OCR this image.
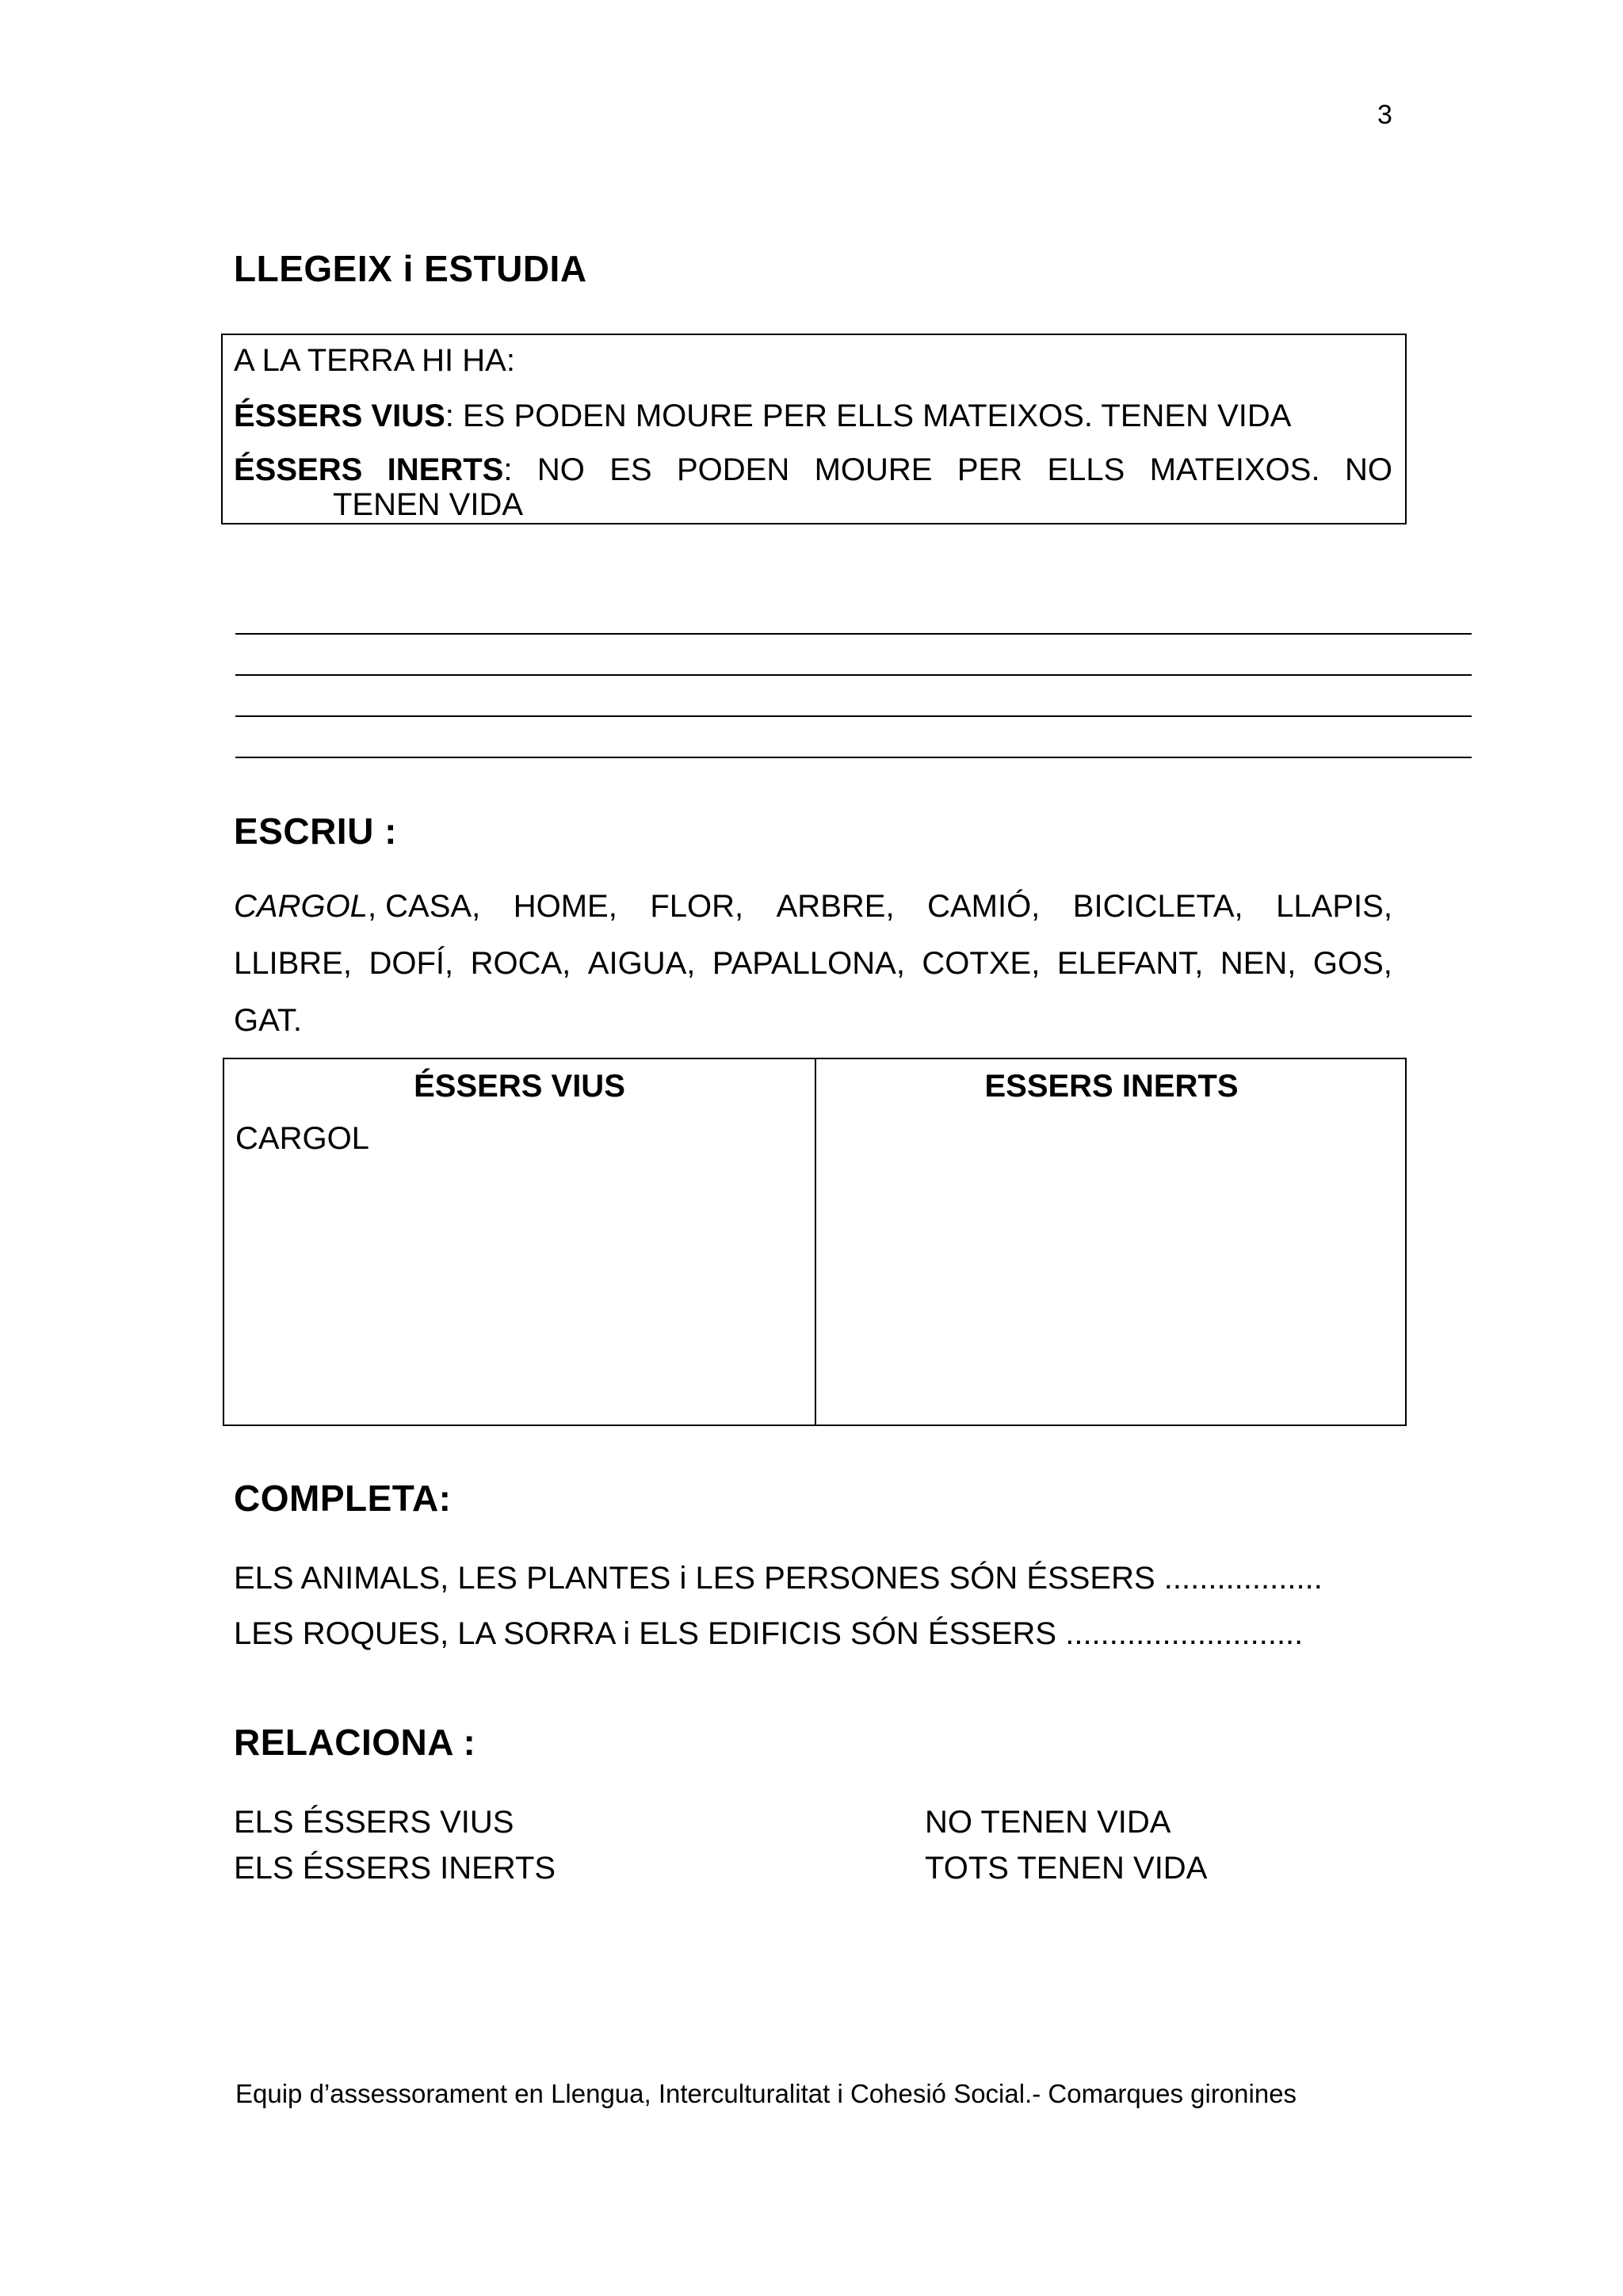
3
LLEGEIX i ESTUDIA
A LA TERRA HI HA:
ÉSSERS VIUS: ES PODEN MOURE PER ELLS MATEIXOS. TENEN VIDA
ÉSSERS INERTS : NO ES PODEN MOURE PER ELLS MATEIXOS. NO
TENEN VIDA
ESCRIU :
CARGOL, CASA, HOME, FLOR, ARBRE, CAMIÓ, BICICLETA, LLAPIS,
LLIBRE, DOFÍ, ROCA, AIGUA, PAPALLONA, COTXE, ELEFANT, NEN, GOS,
GAT.
ÉSSERS VIUS	ESSERS INERTS
CARGOL
COMPLETA:
ELS ANIMALS, LES PLANTES i LES PERSONES SÓN ÉSSERS ..................
LES ROQUES, LA SORRA i ELS EDIFICIS SÓN ÉSSERS ...........................
RELACIONA :
ELS ÉSSERS VIUS
ELS ÉSSERS INERTS
NO TENEN VIDA
TOTS TENEN VIDA
Equip d’assessorament en Llengua, Interculturalitat i Cohesió Social.- Comarques gironines
